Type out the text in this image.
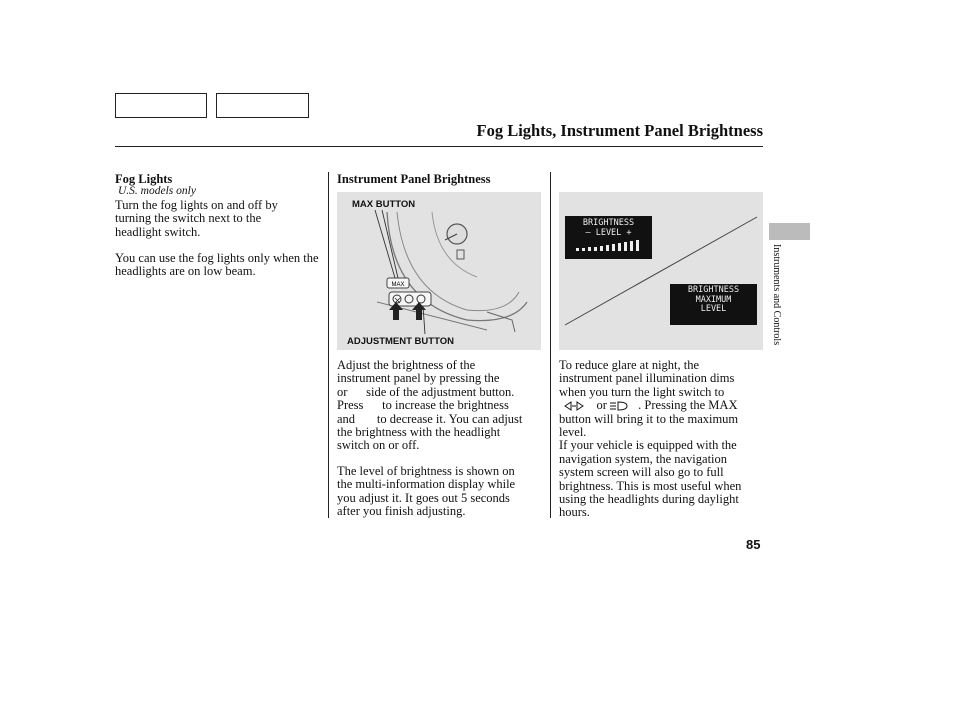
Fog Lights, Instrument Panel Brightness
Fog Lights
U.S. models only
Turn the fog lights on and off by turning the switch next to the headlight switch.
You can use the fog lights only when the headlights are on low beam.
Instrument Panel Brightness
MAX
MAX BUTTON
ADJUSTMENT BUTTON
Adjust the brightness of the
instrument panel by pressing the
or      side of the adjustment button.
Press      to increase the brightness
and       to decrease it. You can adjust
the brightness with the headlight
switch on or off.
The level of brightness is shown on
the multi-information display while
you adjust it. It goes out 5 seconds
after you finish adjusting.
BRIGHTNESS
– LEVEL +
BRIGHTNESS
MAXIMUM
LEVEL
To reduce glare at night, the
instrument panel illumination dims
when you turn the light switch to
or          . Pressing the MAX
button will bring it to the maximum
level.
If your vehicle is equipped with the
navigation system, the navigation
system screen will also go to full
brightness. This is most useful when
using the headlights during daylight
hours.
Instruments and Controls
85
